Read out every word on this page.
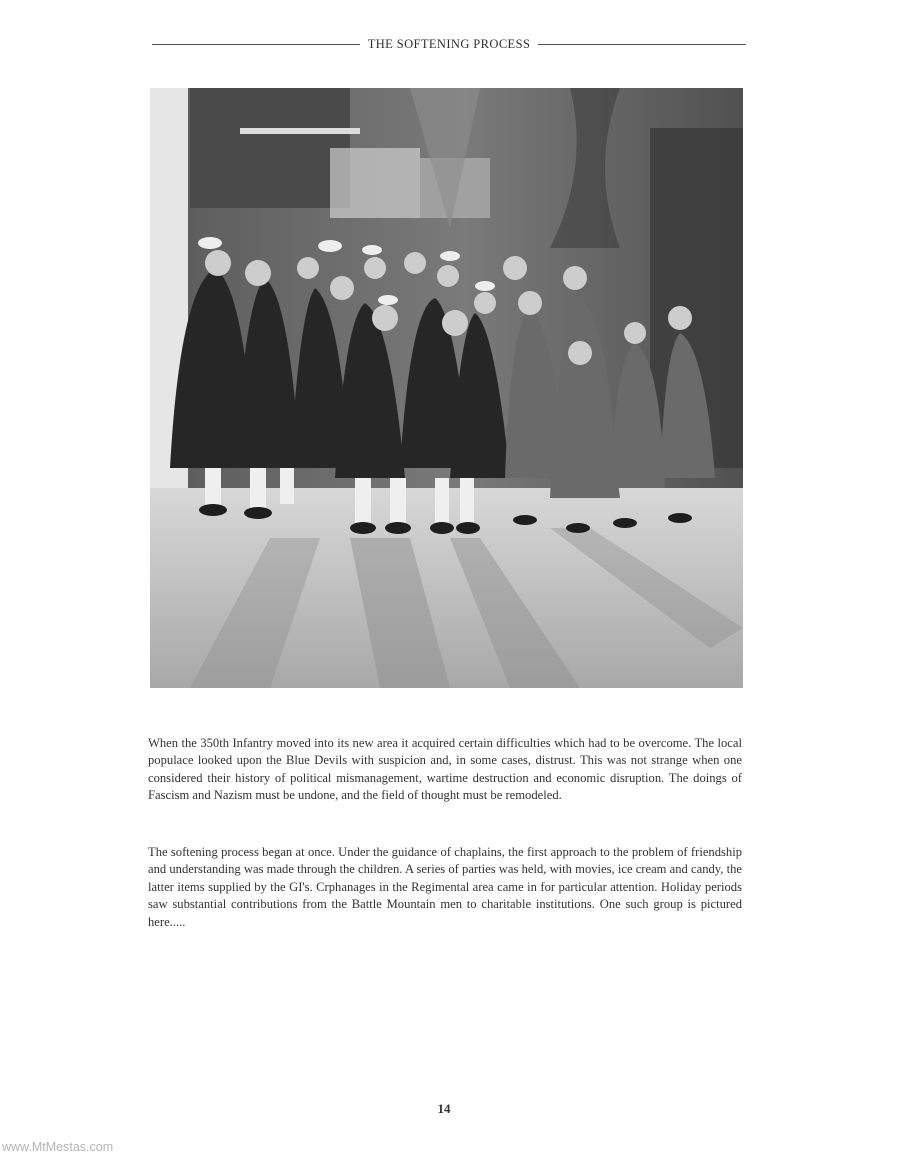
THE SOFTENING PROCESS

When the 350th Infantry moved into its new area it acquired certain difficulties which had to be overcome. The local populace looked upon the Blue Devils with suspicion and, in some cases, distrust. This was not strange when one considered their history of political mismanagement, wartime destruction and economic disruption. The doings of Fascism and Nazism must be undone, and the field of thought must be remodeled.

The softening process began at once. Under the guidance of chaplains, the first approach to the problem of friendship and understanding was made through the children. A series of parties was held, with movies, ice cream and candy, the latter items supplied by the GI's. Crphanages in the Regimental area came in for particular attention. Holiday periods saw substantial contributions from the Battle Mountain men to charitable institutions. One such group is pictured here.....

14
www.MtMestas.com
